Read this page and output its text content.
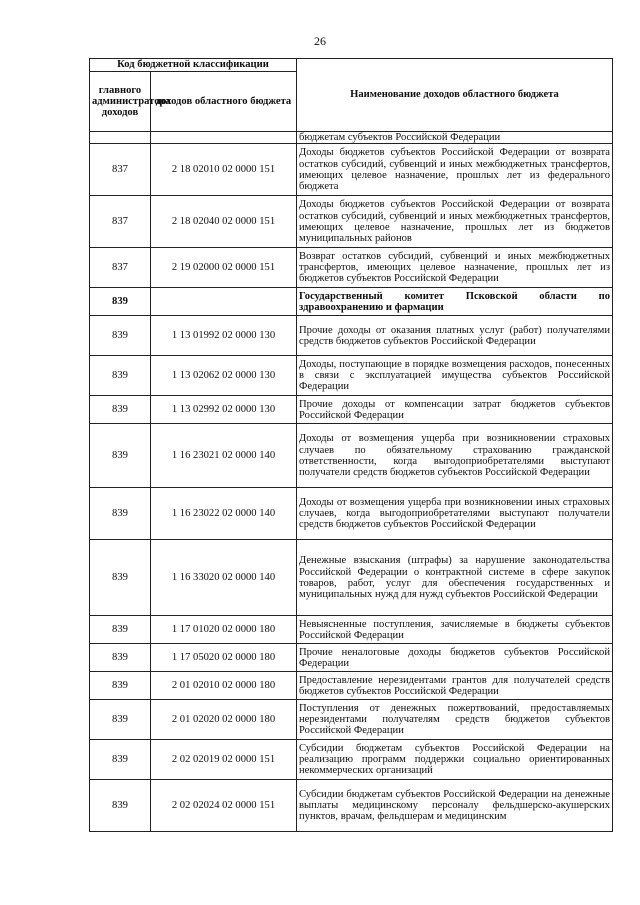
26
Код бюджетной классификации		Наименование доходов областного бюджета
главного администратора доходов	доходов областного бюджета	
		бюджетам субъектов Российской Федерации
837	2 18 02010 02 0000 151	Доходы бюджетов субъектов Российской Федерации от возврата остатков субсидий, субвенций и иных межбюджетных трансфертов, имеющих целевое назначение, прошлых лет из федерального бюджета
837	2 18 02040 02 0000 151	Доходы бюджетов субъектов Российской Федерации от возврата остатков субсидий, субвенций и иных межбюджетных трансфертов, имеющих целевое назначение, прошлых лет из бюджетов муниципальных районов
837	2 19 02000 02 0000 151	Возврат остатков субсидий, субвенций и иных межбюджетных трансфертов, имеющих целевое назначение, прошлых лет из бюджетов субъектов Российской Федерации
839		Государственный комитет Псковской области по здравоохранению и фармации
839	1 13 01992 02 0000 130	Прочие доходы от оказания платных услуг (работ) получателями средств бюджетов субъектов Российской Федерации
839	1 13 02062 02 0000 130	Доходы, поступающие в порядке возмещения расходов, понесенных в связи с эксплуатацией имущества субъектов Российской Федерации
839	1 13 02992 02 0000 130	Прочие доходы от компенсации затрат бюджетов субъектов Российской Федерации
839	1 16 23021 02 0000 140	Доходы от возмещения ущерба при возникновении страховых случаев по обязательному страхованию гражданской ответственности, когда выгодоприобретателями выступают получатели средств бюджетов субъектов Российской Федерации
839	1 16 23022 02 0000 140	Доходы от возмещения ущерба при возникновении иных страховых случаев, когда выгодоприобретателями выступают получатели средств бюджетов субъектов Российской Федерации
839	1 16 33020 02 0000 140	Денежные взыскания (штрафы) за нарушение законодательства Российской Федерации о контрактной системе в сфере закупок товаров, работ, услуг для обеспечения государственных и муниципальных нужд для нужд субъектов Российской Федерации
839	1 17 01020 02 0000 180	Невыясненные поступления, зачисляемые в бюджеты субъектов Российской Федерации
839	1 17 05020 02 0000 180	Прочие неналоговые доходы бюджетов субъектов Российской Федерации
839	2 01 02010 02 0000 180	Предоставление нерезидентами грантов для получателей средств бюджетов субъектов Российской Федерации
839	2 01 02020 02 0000 180	Поступления от денежных пожертвований, предоставляемых нерезидентами получателям средств бюджетов субъектов Российской Федерации
839	2 02 02019 02 0000 151	Субсидии бюджетам субъектов Российской Федерации на реализацию программ поддержки социально ориентированных некоммерческих организаций
839	2 02 02024 02 0000 151	Субсидии бюджетам субъектов Российской Федерации на денежные выплаты медицинскому персоналу фельдшерско-акушерских пунктов, врачам, фельдшерам и медицинским
